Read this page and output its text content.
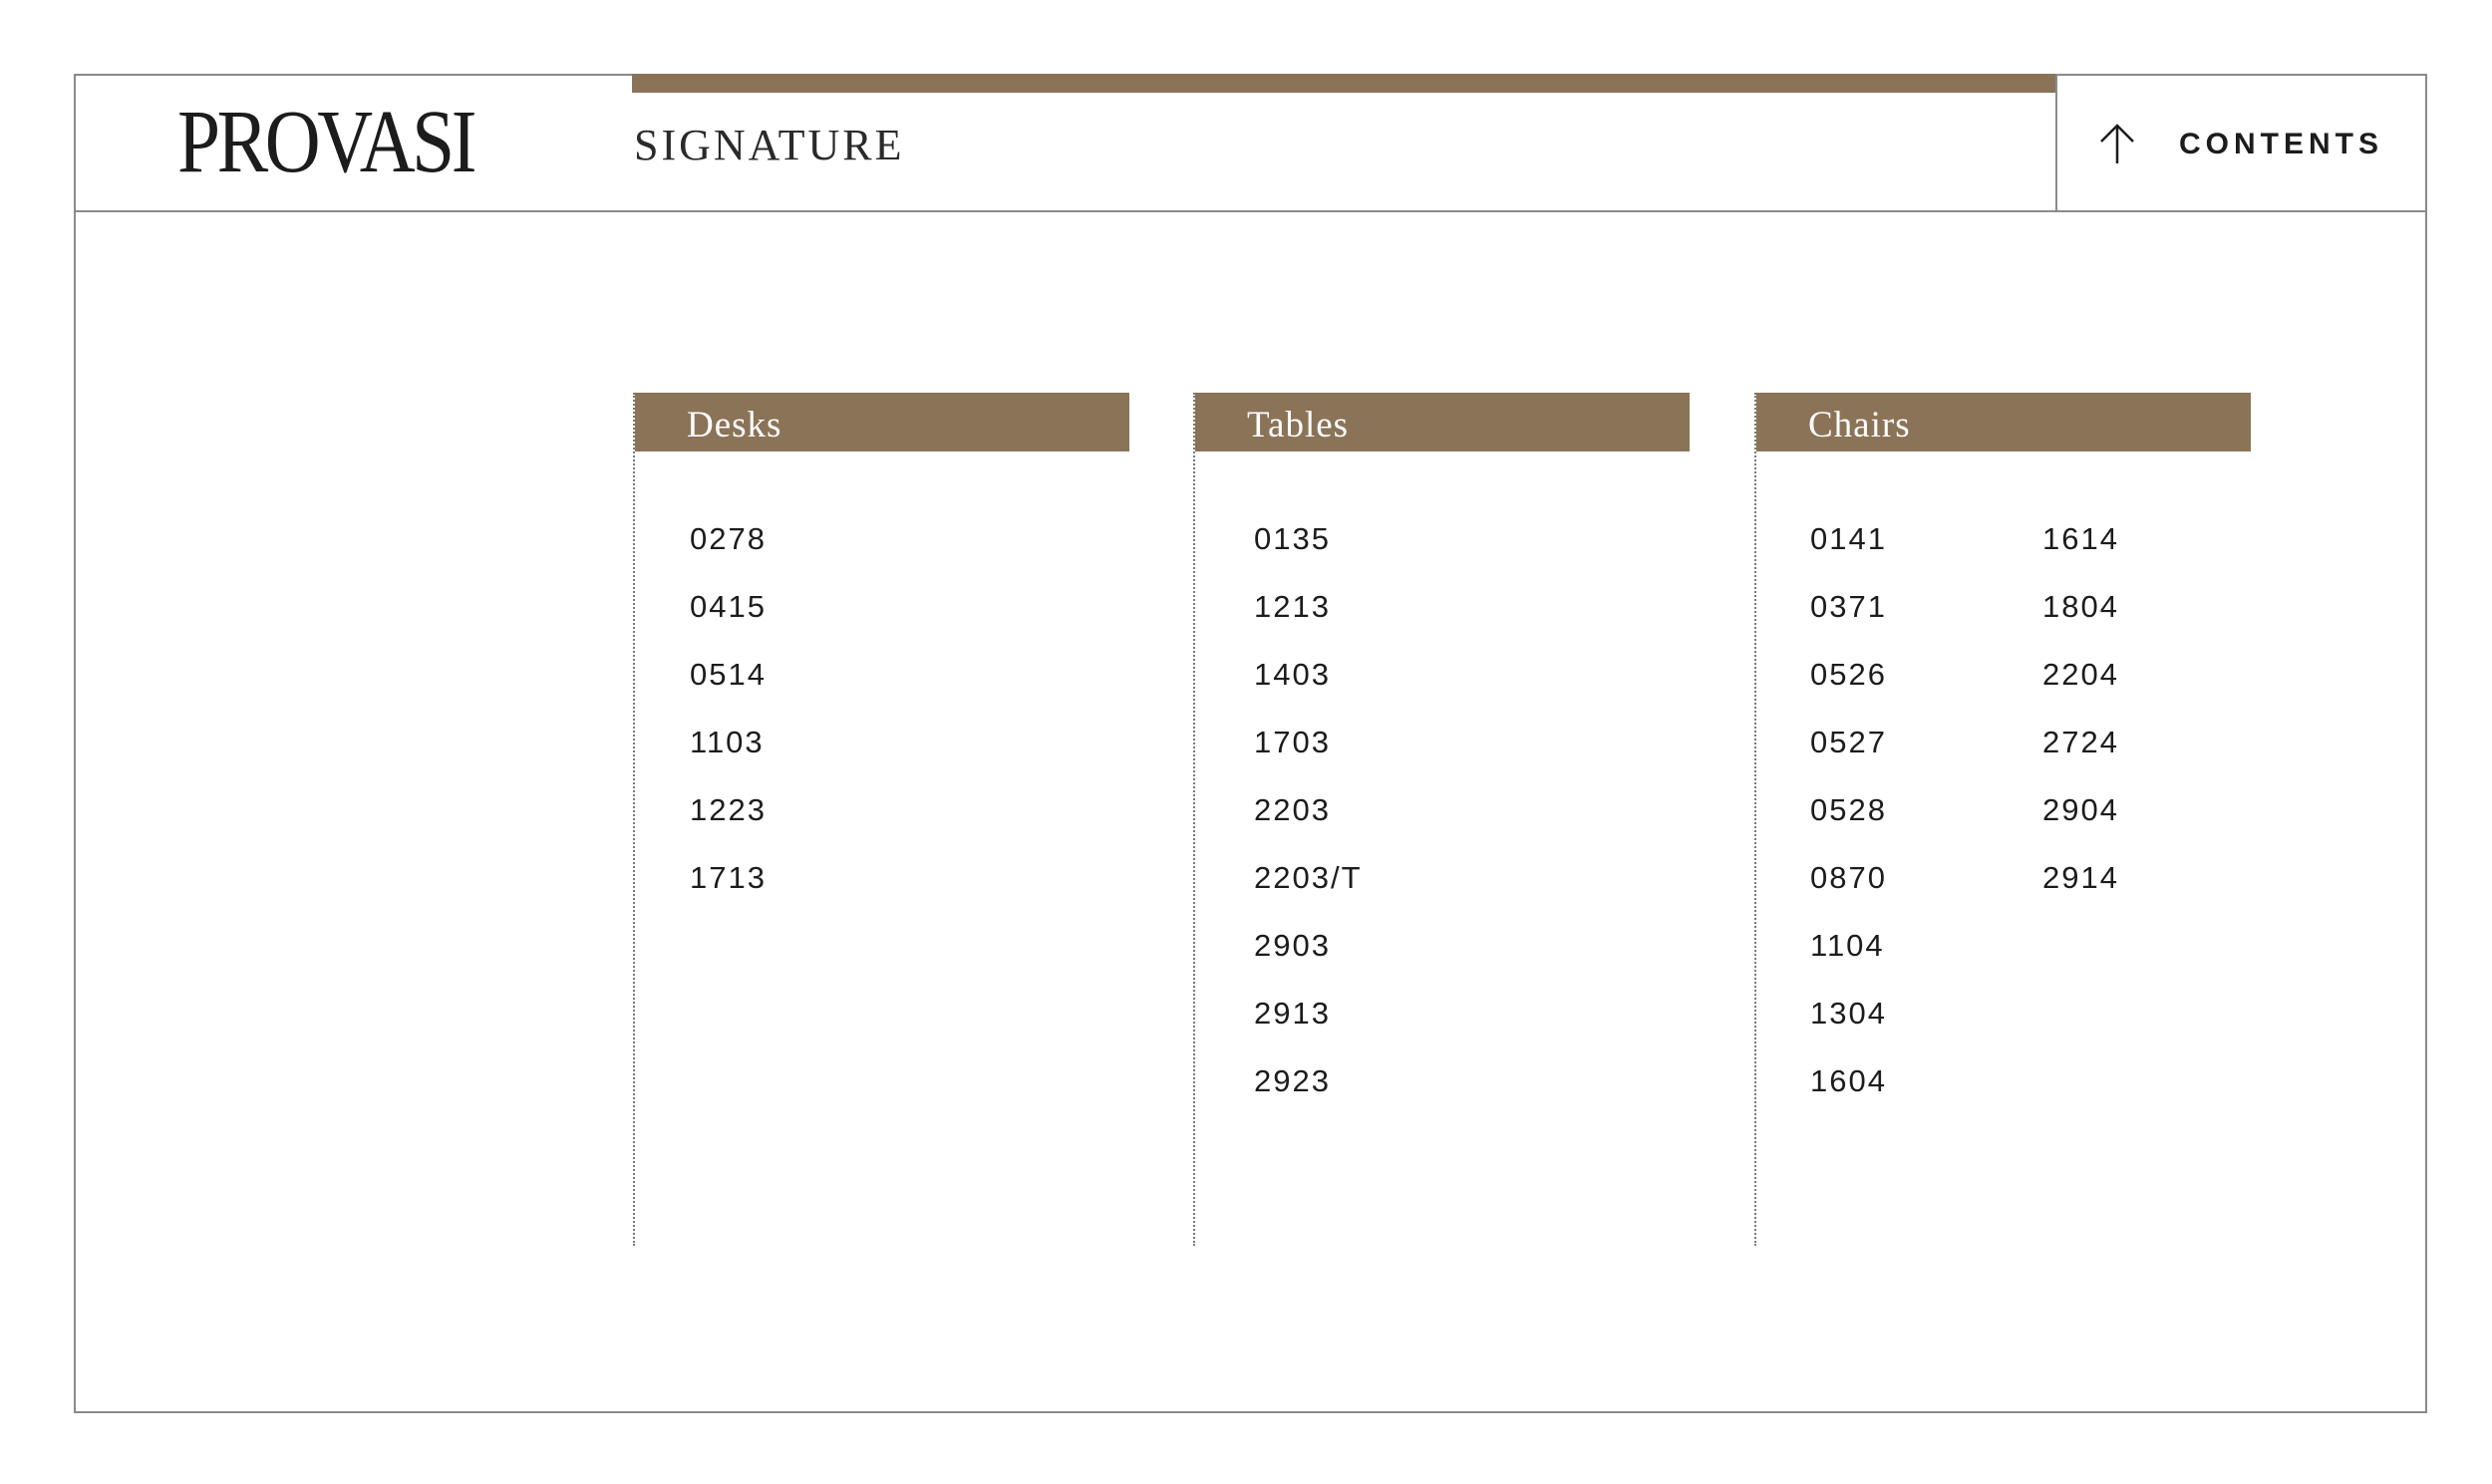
PROVASI	SIGNATURE	CONTENTS
Desks
0278
0415
0514
1103
1223
1713
Tables
0135
1213
1403
1703
2203
2203/T
2903
2913
2923
Chairs
0141
0371
0526
0527
0528
0870
1104
1304
1604
1614
1804
2204
2724
2904
2914
